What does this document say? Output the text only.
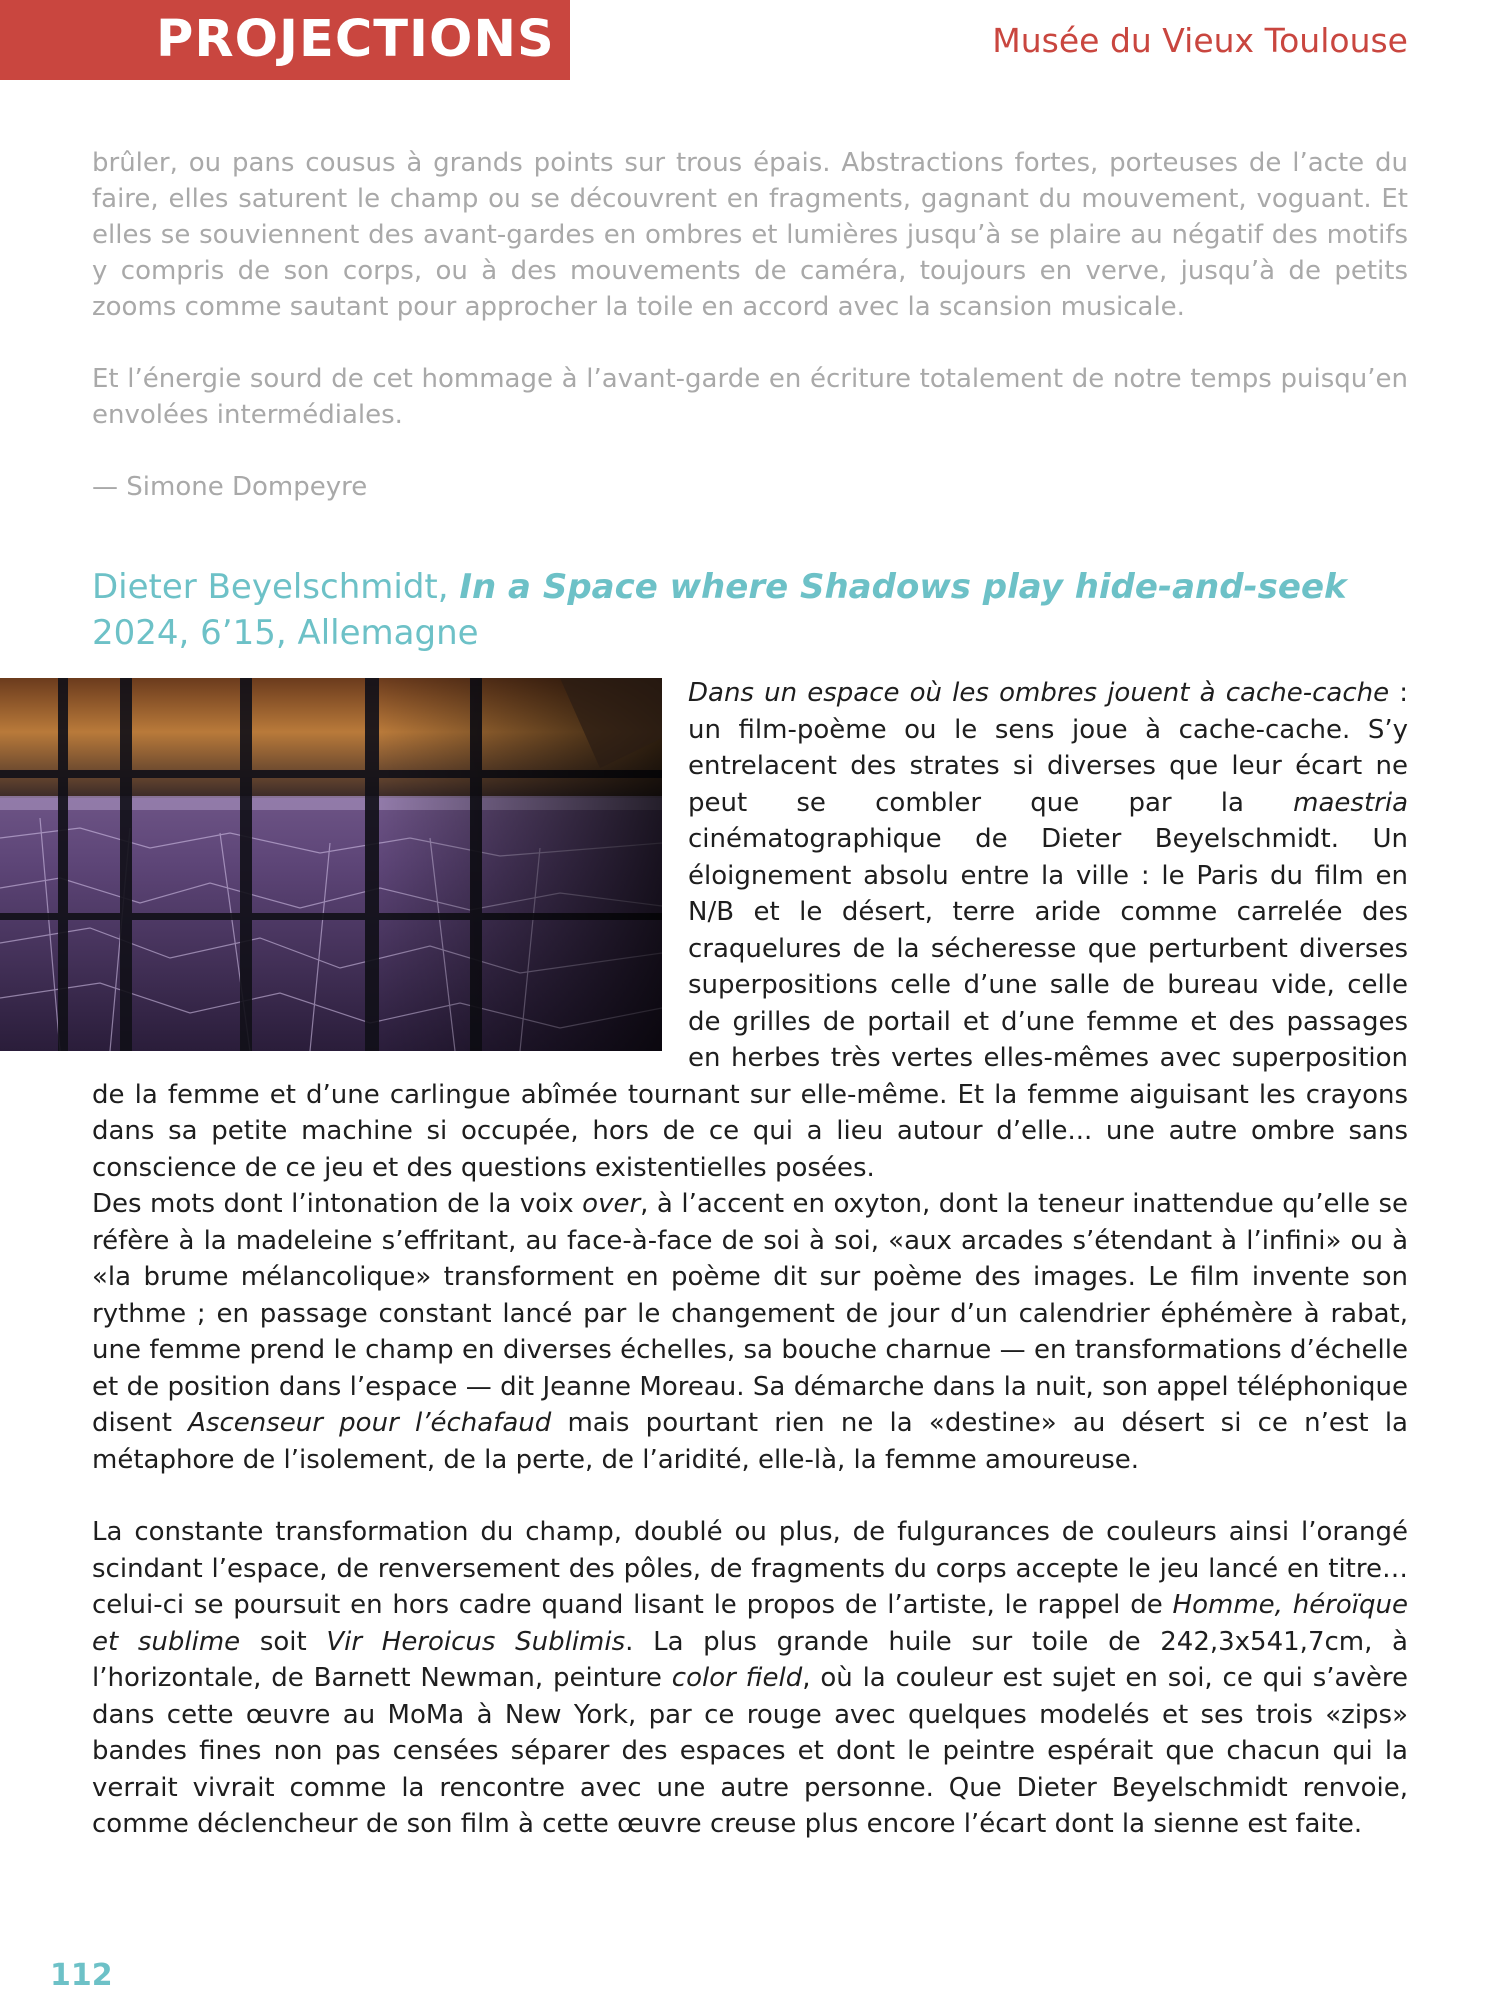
PROJECTIONS	Musée du Vieux Toulouse

brûler, ou pans cousus à grands points sur trous épais. Abstractions fortes, porteuses de l’acte du faire, elles saturent le champ ou se découvrent en fragments, gagnant du mouvement, voguant. Et elles se souviennent des avant-gardes en ombres et lumières jusqu’à se plaire au négatif des motifs y compris de son corps, ou à des mouvements de caméra, toujours en verve, jusqu’à de petits zooms comme sautant pour approcher la toile en accord avec la scansion musicale.

Et l’énergie sourd de cet hommage à l’avant-garde en écriture totalement de notre temps puisqu’en envolées intermédiales.

— Simone Dompeyre

Dieter Beyelschmidt, In a Space where Shadows play hide-and-seek
2024, 6’15, Allemagne

Dans un espace où les ombres jouent à cache-cache : un film-poème ou le sens joue à cache-cache. S’y entrelacent des strates si diverses que leur écart ne peut se combler que par la maestria cinématographique de Dieter Beyelschmidt. Un éloignement absolu entre la ville : le Paris du film en N/B et le désert, terre aride comme carrelée des craquelures de la sécheresse que perturbent diverses superpositions celle d’une salle de bureau vide, celle de grilles de portail et d’une femme et des passages en herbes très vertes elles-mêmes avec superposition de la femme et d’une carlingue abîmée tournant sur elle-même. Et la femme aiguisant les crayons dans sa petite machine si occupée, hors de ce qui a lieu autour d’elle... une autre ombre sans conscience de ce jeu et des questions existentielles posées.

Des mots dont l’intonation de la voix over, à l’accent en oxyton, dont la teneur inattendue qu’elle se réfère à la madeleine s’effritant, au face-à-face de soi à soi, «aux arcades s’étendant à l’infini» ou à «la brume mélancolique» transforment en poème dit sur poème des images. Le film invente son rythme ; en passage constant lancé par le changement de jour d’un calendrier éphémère à rabat, une femme prend le champ en diverses échelles, sa bouche charnue — en transformations d’échelle et de position dans l’espace — dit Jeanne Moreau. Sa démarche dans la nuit, son appel téléphonique disent Ascenseur pour l’échafaud mais pourtant rien ne la «destine» au désert si ce n’est la métaphore de l’isolement, de la perte, de l’aridité, elle-là, la femme amoureuse.

La constante transformation du champ, doublé ou plus, de fulgurances de couleurs ainsi l’orangé scindant l’espace, de renversement des pôles, de fragments du corps accepte le jeu lancé en titre… celui-ci se poursuit en hors cadre quand lisant le propos de l’artiste, le rappel de Homme, héroïque et sublime soit Vir Heroicus Sublimis. La plus grande huile sur toile de 242,3x541,7cm, à l’horizontale, de Barnett Newman, peinture color field, où la couleur est sujet en soi, ce qui s’avère dans cette œuvre au MoMa à New York, par ce rouge avec quelques modelés et ses trois «zips» bandes fines non pas censées séparer des espaces et dont le peintre espérait que chacun qui la verrait vivrait comme la rencontre avec une autre personne. Que Dieter Beyelschmidt renvoie, comme déclencheur de son film à cette œuvre creuse plus encore l’écart dont la sienne est faite.

112
